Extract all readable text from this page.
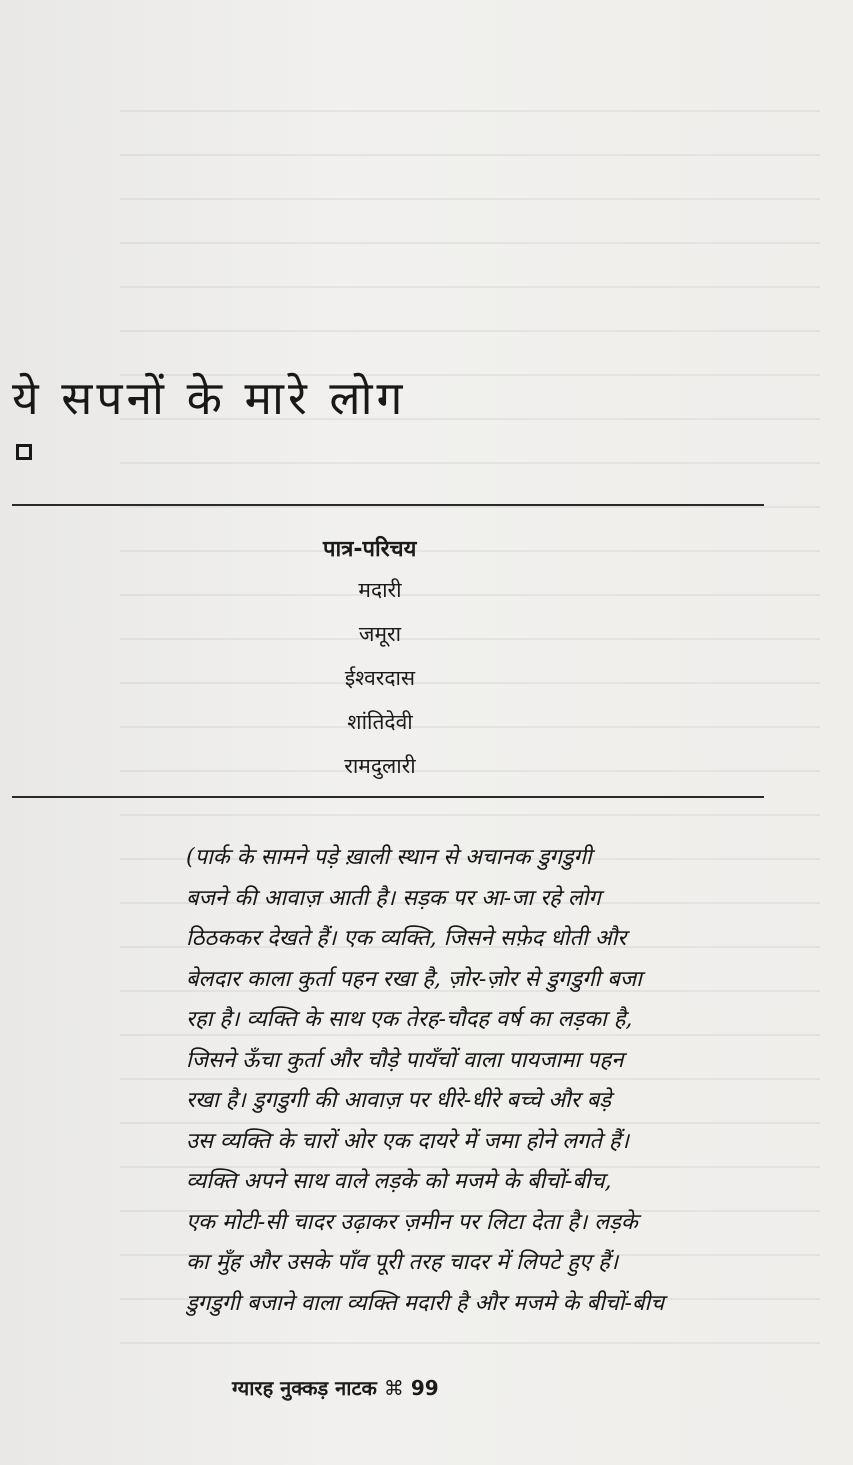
ये सपनों के मारे लोग
पात्र-परिचय
मदारी
जमूरा
ईश्वरदास
शांतिदेवी
रामदुलारी
(पार्क के सामने पड़े ख़ाली स्थान से अचानक डुगडुगी
बजने की आवाज़ आती है। सड़क पर आ-जा रहे लोग
ठिठककर देखते हैं। एक व्यक्ति, जिसने सफ़ेद धोती और
बेलदार काला कुर्ता पहन रखा है, ज़ोर-ज़ोर से डुगडुगी बजा
रहा है। व्यक्ति के साथ एक तेरह-चौदह वर्ष का लड़का है,
जिसने ऊँचा कुर्ता और चौड़े पायँचों वाला पायजामा पहन
रखा है। डुगडुगी की आवाज़ पर धीरे-धीरे बच्चे और बड़े
उस व्यक्ति के चारों ओर एक दायरे में जमा होने लगते हैं।
व्यक्ति अपने साथ वाले लड़के को मजमे के बीचों-बीच,
एक मोटी-सी चादर उढ़ाकर ज़मीन पर लिटा देता है। लड़के
का मुँह और उसके पाँव पूरी तरह चादर में लिपटे हुए हैं।
डुगडुगी बजाने वाला व्यक्ति मदारी है और मजमे के बीचों-बीच
ग्यारह नुक्कड़ नाटक ⌘ 99
